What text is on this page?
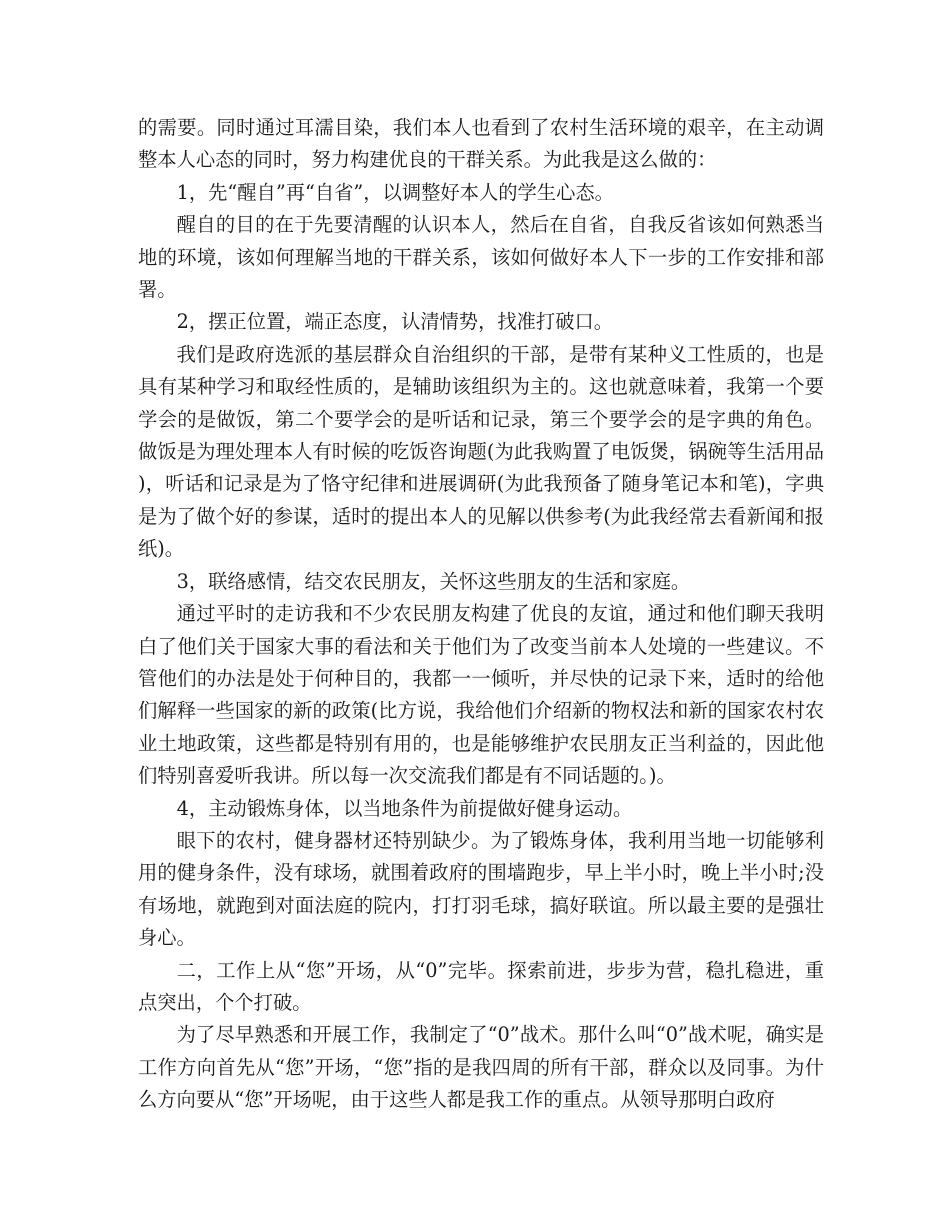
的需要。同时通过耳濡目染，我们本人也看到了农村生活环境的艰辛，在主动调整本人心态的同时，努力构建优良的干群关系。为此我是这么做的：

1，先“醒自”再“自省”，以调整好本人的学生心态。

醒自的目的在于先要清醒的认识本人，然后在自省，自我反省该如何熟悉当地的环境，该如何理解当地的干群关系，该如何做好本人下一步的工作安排和部署。

2，摆正位置，端正态度，认清情势，找准打破口。

我们是政府选派的基层群众自治组织的干部，是带有某种义工性质的，也是具有某种学习和取经性质的，是辅助该组织为主的。这也就意味着，我第一个要学会的是做饭，第二个要学会的是听话和记录，第三个要学会的是字典的角色。做饭是为理处理本人有时候的吃饭咨询题(为此我购置了电饭煲，锅碗等生活用品)，听话和记录是为了恪守纪律和进展调研(为此我预备了随身笔记本和笔)，字典是为了做个好的参谋，适时的提出本人的见解以供参考(为此我经常去看新闻和报纸)。

3，联络感情，结交农民朋友，关怀这些朋友的生活和家庭。

通过平时的走访我和不少农民朋友构建了优良的友谊，通过和他们聊天我明白了他们关于国家大事的看法和关于他们为了改变当前本人处境的一些建议。不管他们的办法是处于何种目的，我都一一倾听，并尽快的记录下来，适时的给他们解释一些国家的新的政策(比方说，我给他们介绍新的物权法和新的国家农村农业土地政策，这些都是特别有用的，也是能够维护农民朋友正当利益的，因此他们特别喜爱听我讲。所以每一次交流我们都是有不同话题的。)。

4，主动锻炼身体，以当地条件为前提做好健身运动。

眼下的农村，健身器材还特别缺少。为了锻炼身体，我利用当地一切能够利用的健身条件，没有球场，就围着政府的围墙跑步，早上半小时，晚上半小时;没有场地，就跑到对面法庭的院内，打打羽毛球，搞好联谊。所以最主要的是强壮身心。

二，工作上从“您”开场，从“0”完毕。探索前进，步步为营，稳扎稳进，重点突出，个个打破。

为了尽早熟悉和开展工作，我制定了“0”战术。那什么叫“0”战术呢，确实是工作方向首先从“您”开场，“您”指的是我四周的所有干部，群众以及同事。为什么方向要从“您”开场呢，由于这些人都是我工作的重点。从领导那明白政府
